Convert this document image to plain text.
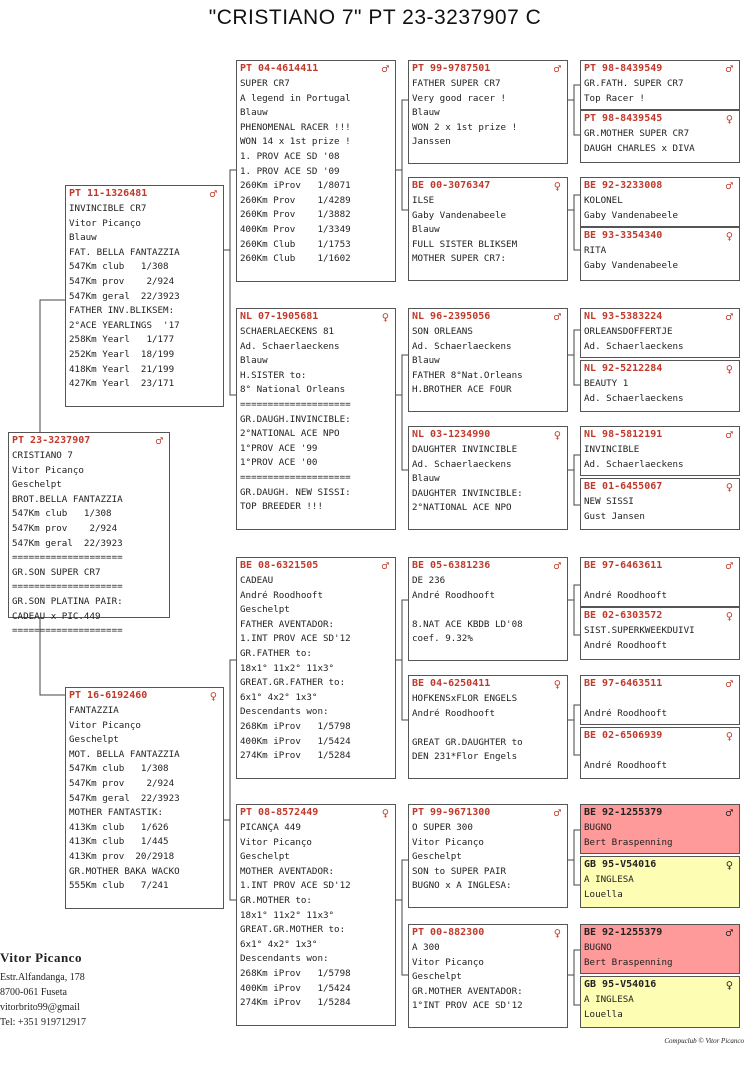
"CRISTIANO 7" PT 23-3237907 C
PT 23-3237907	♂
CRISTIANO 7
Vitor Picanço
Geschelpt
BROT.BELLA FANTAZZIA
547Km club   1/308
547Km prov    2/924
547Km geral  22/3923
====================
GR.SON SUPER CR7
====================
GR.SON PLATINA PAIR:
CADEAU x PIC.449
====================
PT 11-1326481	♂
INVINCIBLE CR7
Vitor Picanço
Blauw
FAT. BELLA FANTAZZIA
547Km club   1/308
547Km prov    2/924
547Km geral  22/3923
FATHER INV.BLIKSEM:
2°ACE YEARLINGS  '17
258Km Yearl   1/177
252Km Yearl  18/199
418Km Yearl  21/199
427Km Yearl  23/171
PT 16-6192460	♀
FANTAZZIA
Vitor Picanço
Geschelpt
MOT. BELLA FANTAZZIA
547Km club   1/308
547Km prov    2/924
547Km geral  22/3923
MOTHER FANTASTIK:
413Km club   1/626
413Km club   1/445
413Km prov  20/2918
GR.MOTHER BAKA WACKO
555Km club   7/241
PT 04-4614411	♂
SUPER CR7
A legend in Portugal
Blauw
PHENOMENAL RACER !!!
WON 14 x 1st prize !
1. PROV ACE SD '08
1. PROV ACE SD '09
260Km iProv   1/8071
260Km Prov    1/4289
260Km Prov    1/3882
400Km Prov    1/3349
260Km Club    1/1753
260Km Club    1/1602
NL 07-1905681	♀
SCHAERLAECKENS 81
Ad. Schaerlaeckens
Blauw
H.SISTER to:
8° National Orleans
====================
GR.DAUGH.INVINCIBLE:
2°NATIONAL ACE NPO
1°PROV ACE '99
1°PROV ACE '00
====================
GR.DAUGH. NEW SISSI:
TOP BREEDER !!!
BE 08-6321505	♂
CADEAU
André Roodhooft
Geschelpt
FATHER AVENTADOR:
1.INT PROV ACE SD'12
GR.FATHER to:
18x1° 11x2° 11x3°
GREAT.GR.FATHER to:
6x1° 4x2° 1x3°
Descendants won:
268Km iProv   1/5798
400Km iProv   1/5424
274Km iProv   1/5284
PT 08-8572449	♀
PICANÇA 449
Vitor Picanço
Geschelpt
MOTHER AVENTADOR:
1.INT PROV ACE SD'12
GR.MOTHER to:
18x1° 11x2° 11x3°
GREAT.GR.MOTHER to:
6x1° 4x2° 1x3°
Descendants won:
268Km iProv   1/5798
400Km iProv   1/5424
274Km iProv   1/5284
PT 99-9787501	♂
FATHER SUPER CR7
Very good racer !
Blauw
WON 2 x 1st prize !
Janssen
BE 00-3076347	♀
ILSE
Gaby Vandenabeele
Blauw
FULL SISTER BLIKSEM
MOTHER SUPER CR7:
NL 96-2395056	♂
SON ORLEANS
Ad. Schaerlaeckens
Blauw
FATHER 8°Nat.Orleans
H.BROTHER ACE FOUR
NL 03-1234990	♀
DAUGHTER INVINCIBLE
Ad. Schaerlaeckens
Blauw
DAUGHTER INVINCIBLE:
2°NATIONAL ACE NPO
BE 05-6381236	♂
DE 236
André Roodhooft

8.NAT ACE KBDB LD'08
coef. 9.32%
BE 04-6250411	♀
HOFKENSxFLOR ENGELS
André Roodhooft

GREAT GR.DAUGHTER to
DEN 231*Flor Engels
PT 99-9671300	♂
O SUPER 300
Vitor Picanço
Geschelpt
SON to SUPER PAIR
BUGNO x A INGLESA:
PT 00-882300	♀
A 300
Vitor Picanço
Geschelpt
GR.MOTHER AVENTADOR:
1°INT PROV ACE SD'12
PT 98-8439549	♂
GR.FATH. SUPER CR7
Top Racer !
PT 98-8439545	♀
GR.MOTHER SUPER CR7
DAUGH CHARLES x DIVA
BE 92-3233008	♂
KOLONEL
Gaby Vandenabeele
BE 93-3354340	♀
RITA
Gaby Vandenabeele
NL 93-5383224	♂
ORLEANSDOFFERTJE
Ad. Schaerlaeckens
NL 92-5212284	♀
BEAUTY 1
Ad. Schaerlaeckens
NL 98-5812191	♂
INVINCIBLE
Ad. Schaerlaeckens
BE 01-6455067	♀
NEW SISSI
Gust Jansen
BE 97-6463611	♂

André Roodhooft
BE 02-6303572	♀
SIST.SUPERKWEEKDUIVI
André Roodhooft
BE 97-6463511	♂

André Roodhooft
BE 02-6506939	♀

André Roodhooft
BE 92-1255379	♂
BUGNO
Bert Braspenning
GB 95-V54016	♀
A INGLESA
Louella
BE 92-1255379	♂
BUGNO
Bert Braspenning
GB 95-V54016	♀
A INGLESA
Louella
Vitor Picanco
Estr.Alfandanga, 178
8700-061 Fuseta
vitorbrito99@gmail
Tel: +351 919712917
Compuclub © Vitor Picanco
